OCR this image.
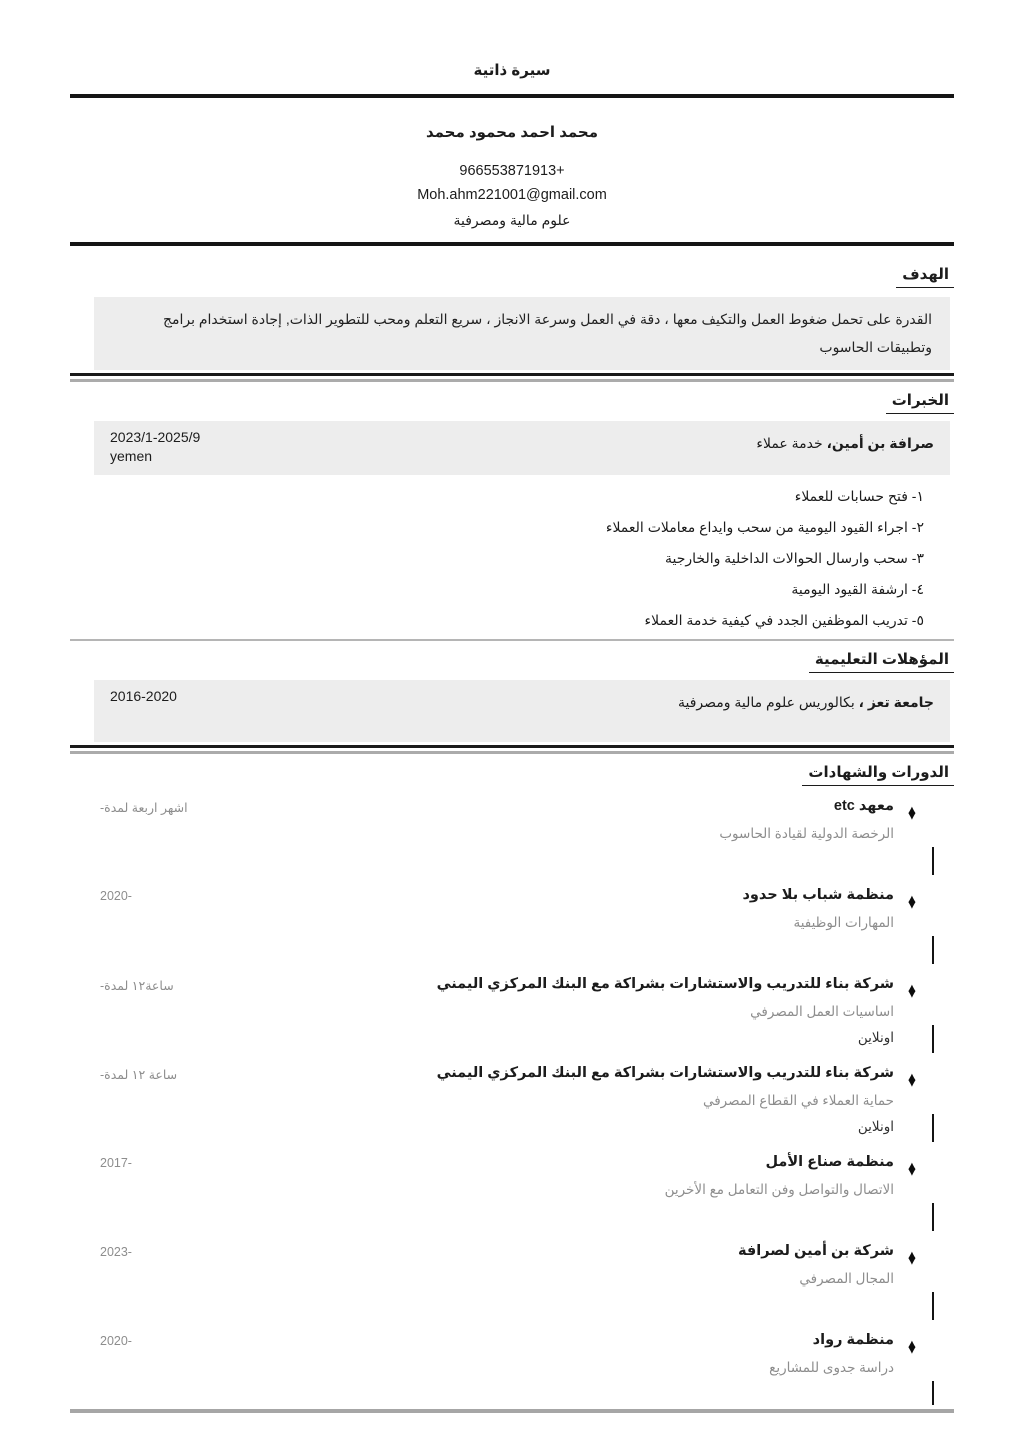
سيرة ذاتية
محمد احمد محمود محمد
966553871913+
Moh.ahm221001@gmail.com
علوم مالية ومصرفية
الهدف
القدرة على تحمل ضغوط العمل والتكيف معها ، دقة في العمل وسرعة الانجاز ، سريع التعلم ومحب للتطوير الذات, إجادة استخدام برامج وتطبيقات الحاسوب
الخبرات
صرافة بن أمين، خدمة عملاء
2023/1-2025/9
yemen
١- فتح حسابات للعملاء
٢- اجراء القيود اليومية من سحب وايداع معاملات العملاء
٣- سحب وارسال الحوالات الداخلية والخارجية
٤- ارشفة القيود اليومية
٥- تدريب الموظفين الجدد في كيفية خدمة العملاء
المؤهلات التعليمية
جامعة تعز ، بكالوريس علوم مالية ومصرفية
2016-2020
الدورات والشهادات
♦
معهد etc
الرخصة الدولية لقيادة الحاسوب
-اشهر اربعة لمدة
♦
منظمة شباب بلا حدود
المهارات الوظيفية
2020-
♦
شركة بناء للتدريب والاستشارات بشراكة مع البنك المركزي اليمني
اساسيات العمل المصرفي
اونلاين
-ساعة١٢ لمدة
♦
شركة بناء للتدريب والاستشارات بشراكة مع البنك المركزي اليمني
حماية العملاء في القطاع المصرفي
اونلاين
-ساعة ١٢ لمدة
♦
منظمة صناع الأمل
الاتصال والتواصل وفن التعامل مع الأخرين
2017-
♦
شركة بن أمين لصرافة
المجال المصرفي
2023-
♦
منظمة رواد
دراسة جدوى للمشاريع
2020-
